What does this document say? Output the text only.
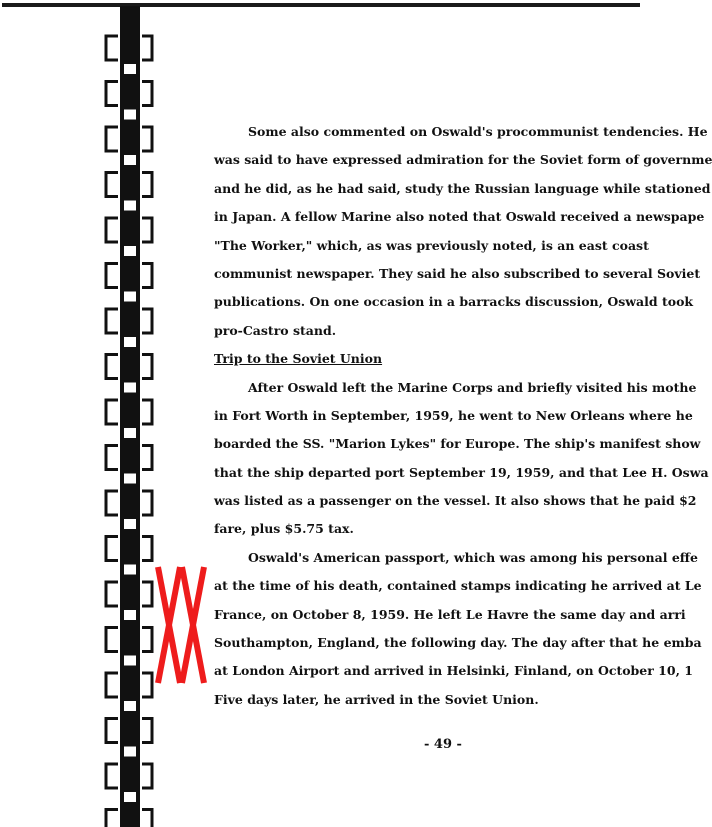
Some also commented on Oswald's procommunist tendencies. He
was said to have expressed admiration for the Soviet form of governme
and he did, as he had said, study the Russian language while stationed
in Japan. A fellow Marine also noted that Oswald received a newspape
"The Worker," which, as was previously noted, is an east coast
communist newspaper. They said he also subscribed to several Soviet
publications. On one occasion in a barracks discussion, Oswald took
pro-Castro stand.
Trip to the Soviet Union
After Oswald left the Marine Corps and briefly visited his mothe
in Fort Worth in September, 1959, he went to New Orleans where he
boarded the SS. "Marion Lykes" for Europe. The ship's manifest show
that the ship departed port September 19, 1959, and that Lee H. Oswa
was listed as a passenger on the vessel. It also shows that he paid $2
fare, plus $5.75 tax.
Oswald's American passport, which was among his personal effe
at the time of his death, contained stamps indicating he arrived at Le
France, on October 8, 1959. He left Le Havre the same day and arri
Southampton, England, the following day. The day after that he emba
at London Airport and arrived in Helsinki, Finland, on October 10, 1
Five days later, he arrived in the Soviet Union.
- 49 -
